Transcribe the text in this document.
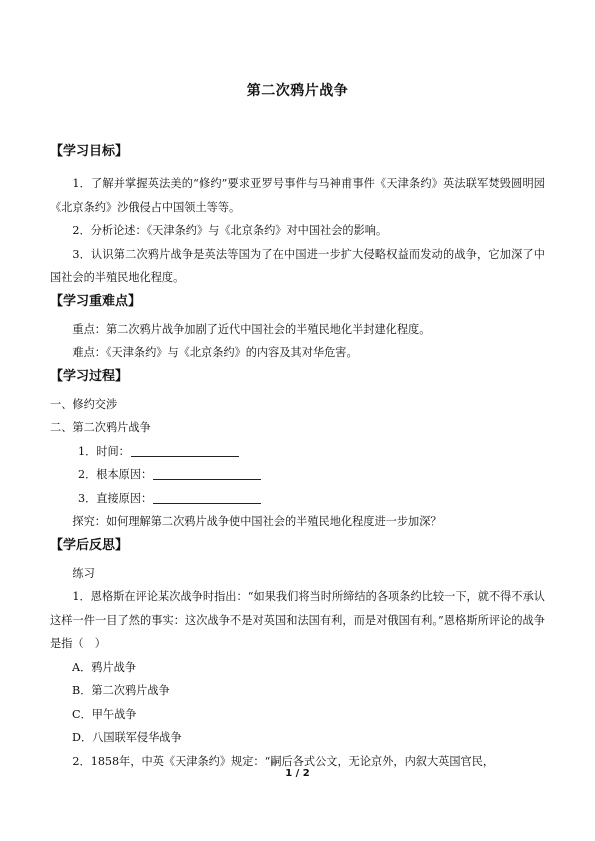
第二次鸦片战争
【学习目标】

1．了解并掌握英法美的“修约”要求亚罗号事件与马神甫事件《天津条约》英法联军焚毁圆明园《北京条约》沙俄侵占中国领土等等。

2．分析论述：《天津条约》与《北京条约》对中国社会的影响。

3．认识第二次鸦片战争是英法等国为了在中国进一步扩大侵略权益而发动的战争，它加深了中国社会的半殖民地化程度。

【学习重难点】

重点：第二次鸦片战争加剧了近代中国社会的半殖民地化半封建化程度。

难点：《天津条约》与《北京条约》的内容及其对华危害。

【学习过程】

一、修约交涉

二、第二次鸦片战争

1．时间：

2．根本原因：

3．直接原因：

探究：如何理解第二次鸦片战争使中国社会的半殖民地化程度进一步加深？

【学后反思】

练习

1．恩格斯在评论某次战争时指出：“如果我们将当时所缔结的各项条约比较一下，就不得不承认这样一件一目了然的事实：这次战争不是对英国和法国有利，而是对俄国有利。”恩格斯所评论的战争是指（　）

A．鸦片战争

B．第二次鸦片战争

C．甲午战争

D．八国联军侵华战争

2．1858年，中英《天津条约》规定：“嗣后各式公文，无论京外，内叙大英国官民，

1 / 2
